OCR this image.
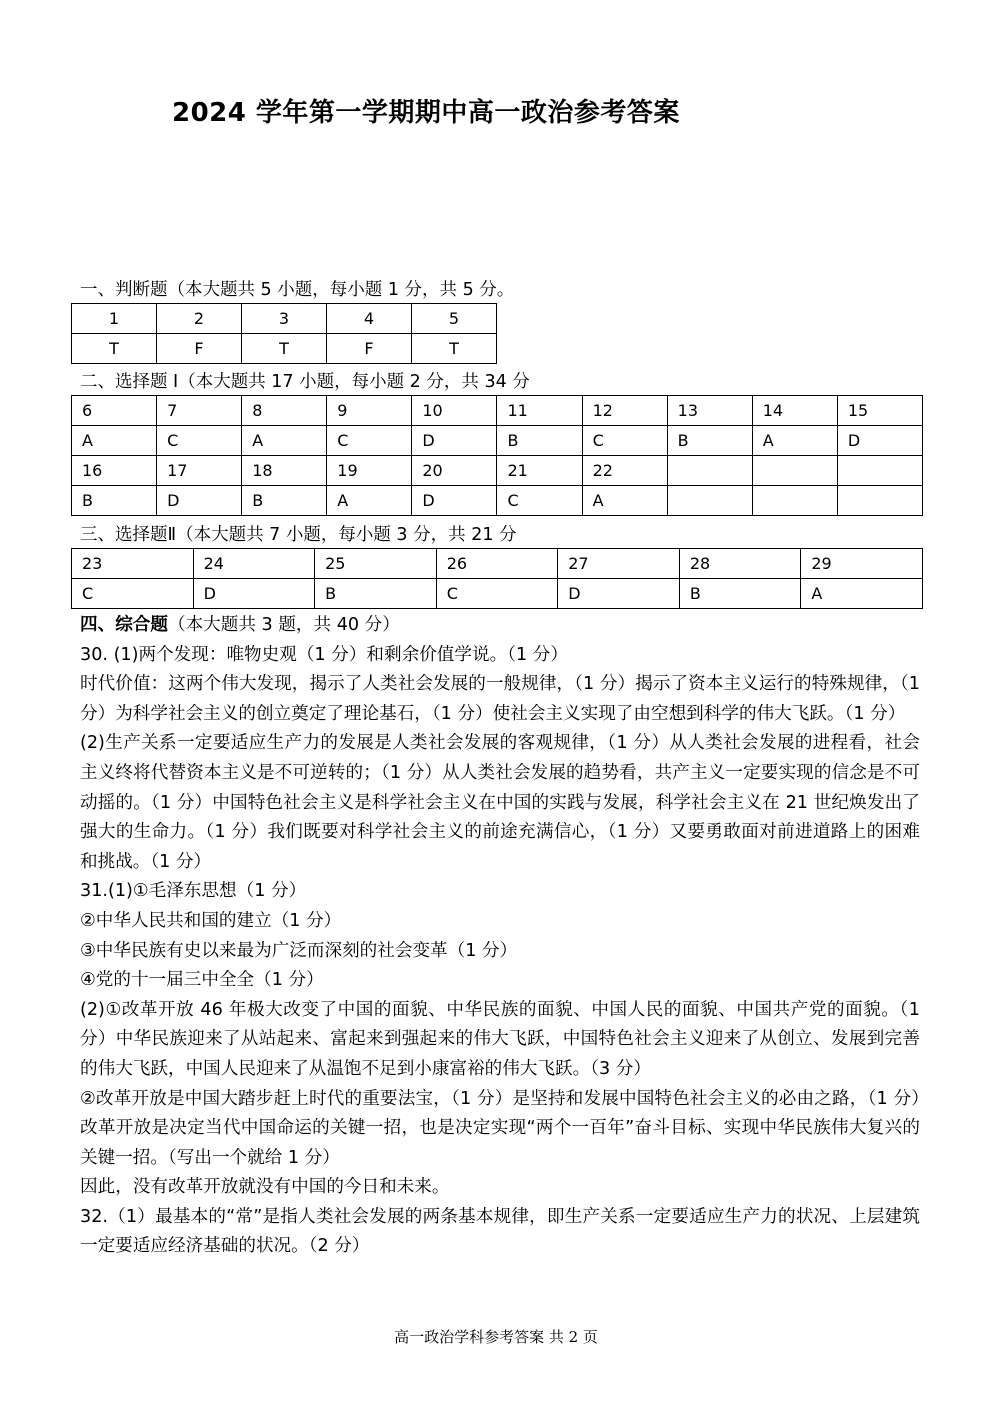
2024 学年第一学期期中高一政治参考答案
一、判断题（本大题共 5 小题，每小题 1 分，共 5 分。
1	2	3	4	5
T	F	T	F	T
二、选择题 Ⅰ（本大题共 17 小题，每小题 2 分，共 34 分
6	7	8	9	10	11	12	13	14	15
A	C	A	C	D	B	C	B	A	D
16	17	18	19	20	21	22			
B	D	B	A	D	C	A			
三、选择题Ⅱ（本大题共 7 小题，每小题 3 分，共 21 分
23	24	25	26	27	28	29
C	D	B	C	D	B	A

四、综合题（本大题共 3 题，共 40 分）

30. (1)两个发现：唯物史观（1 分）和剩余价值学说。（1 分）

时代价值：这两个伟大发现，揭示了人类社会发展的一般规律，（1 分）揭示了资本主义运行的特殊规律，（1 分）为科学社会主义的创立奠定了理论基石，（1 分）使社会主义实现了由空想到科学的伟大飞跃。（1 分）

(2)生产关系一定要适应生产力的发展是人类社会发展的客观规律，（1 分）从人类社会发展的进程看，社会主义终将代替资本主义是不可逆转的；（1 分）从人类社会发展的趋势看，共产主义一定要实现的信念是不可动摇的。（1 分）中国特色社会主义是科学社会主义在中国的实践与发展，科学社会主义在 21 世纪焕发出了强大的生命力。（1 分）我们既要对科学社会主义的前途充满信心，（1 分）又要勇敢面对前进道路上的困难和挑战。（1 分）

31.(1)①毛泽东思想（1 分）

②中华人民共和国的建立（1 分）

③中华民族有史以来最为广泛而深刻的社会变革（1 分）

④党的十一届三中全全（1 分）

(2)①改革开放 46 年极大改变了中国的面貌、中华民族的面貌、中国人民的面貌、中国共产党的面貌。（1 分）中华民族迎来了从站起来、富起来到强起来的伟大飞跃，中国特色社会主义迎来了从创立、发展到完善的伟大飞跃，中国人民迎来了从温饱不足到小康富裕的伟大飞跃。（3 分）

②改革开放是中国大踏步赶上时代的重要法宝，（1 分）是坚持和发展中国特色社会主义的必由之路，（1 分）改革开放是决定当代中国命运的关键一招，也是决定实现“两个一百年”奋斗目标、实现中华民族伟大复兴的关键一招。（写出一个就给 1 分）

因此，没有改革开放就没有中国的今日和未来。

32.（1）最基本的“常”是指人类社会发展的两条基本规律，即生产关系一定要适应生产力的状况、上层建筑一定要适应经济基础的状况。（2 分）

高一政治学科参考答案 共 2 页
